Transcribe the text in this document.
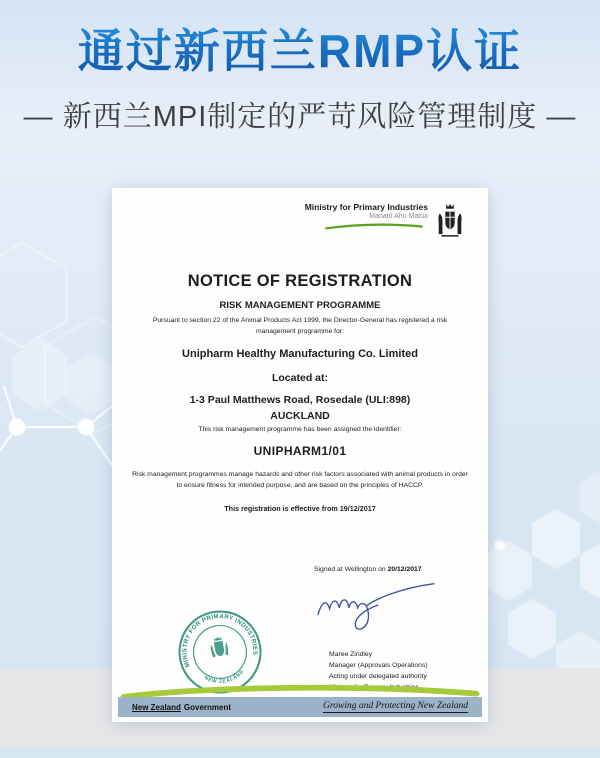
通过新西兰RMP认证
— 新西兰MPI制定的严苛风险管理制度 —
Ministry for Primary Industries
Manatū Ahu Matua
NOTICE OF REGISTRATION
RISK MANAGEMENT PROGRAMME
Pursuant to section 22 of the Animal Products Act 1999, the Director-General has registered a risk management programme for:
Unipharm Healthy Manufacturing Co. Limited
Located at:
1-3 Paul Matthews Road, Rosedale (ULI:898)
AUCKLAND
This risk management programme has been assigned the identifier:
UNIPHARM1/01
Risk management programmes manage hazards and other risk factors associated with animal products in order to ensure fitness for intended purpose, and are based on the principles of HACCP.
This registration is effective from 19/12/2017
Signed at Wellington on 20/12/2017
MINISTRY FOR PRIMARY INDUSTRIES
NEW ZEALAND
Maree Zindley
Manager (Approvals Operations)
Acting under delegated authority
Ministry for Primary Industries
New Zealand Government	Growing and Protecting New Zealand
